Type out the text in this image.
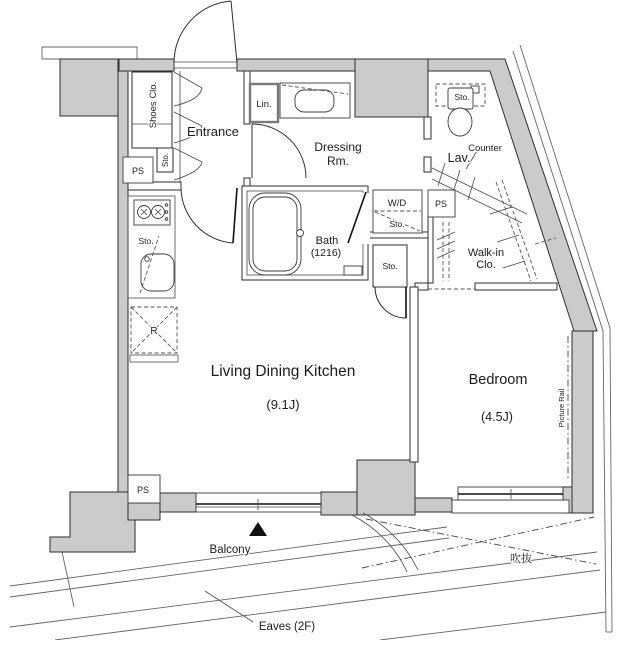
Shoes Clo.
Sto.
PS
Entrance
Lin.
Dressing
Rm.
Sto.
Lav.
Counter
W/D
Sto.
PS
Bath
(1216)
Sto.
Walk-in
Clo.
Sto.
R
Living Dining Kitchen
(9.1J)
Bedroom
(4.5J)	Picture Rail
PS
Balcony
Eaves (2F)
吹抜
